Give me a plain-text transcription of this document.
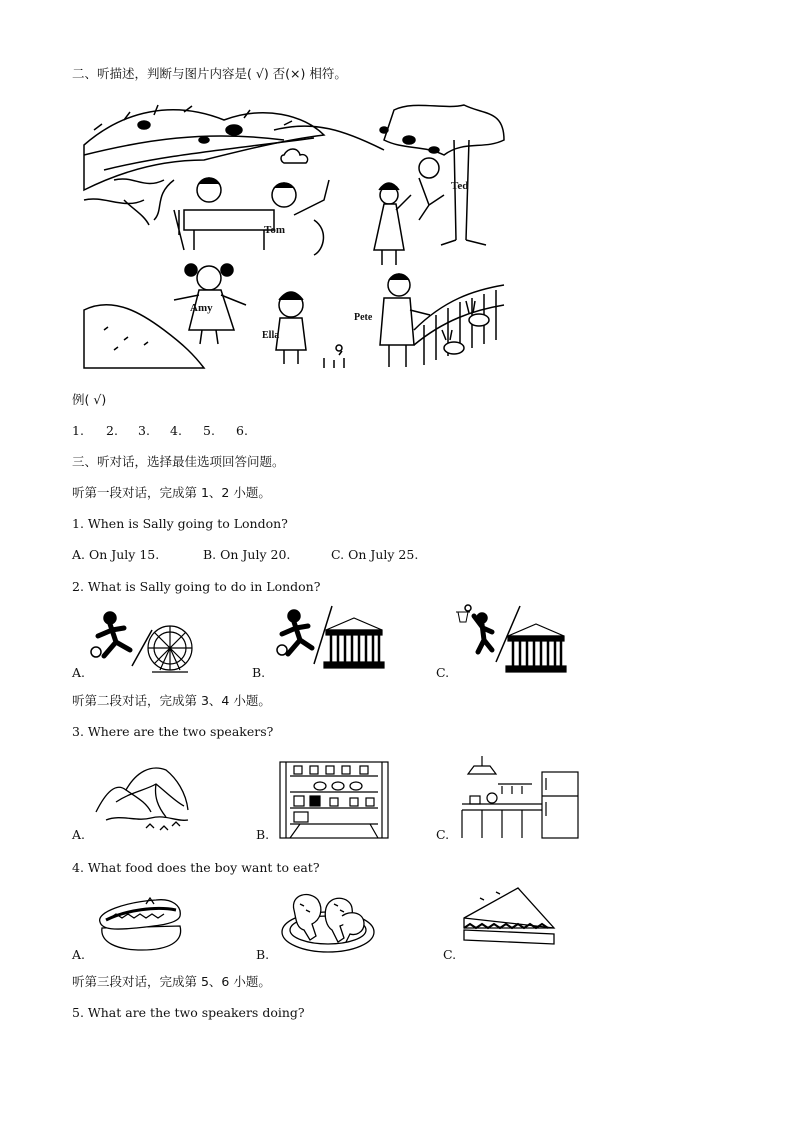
二、听描述，判断与图片内容是( √) 否(×) 相符。
Ted
Tom
Amy
Ella
Pete
例( √)
1. 2. 3. 4. 5. 6.
三、听对话，选择最佳选项回答问题。
听第一段对话，完成第 1、2 小题。
1. When is Sally going to London?
A. On July 15.	B. On July 20.	C. On July 25.
2. What is Sally going to do in London?
A.	B.	C.
听第二段对话，完成第 3、4 小题。
3. Where are the two speakers?
A.	B.	C.
4. What food does the boy want to eat?
A.	B.	C.
听第三段对话，完成第 5、6 小题。
5. What are the two speakers doing?
